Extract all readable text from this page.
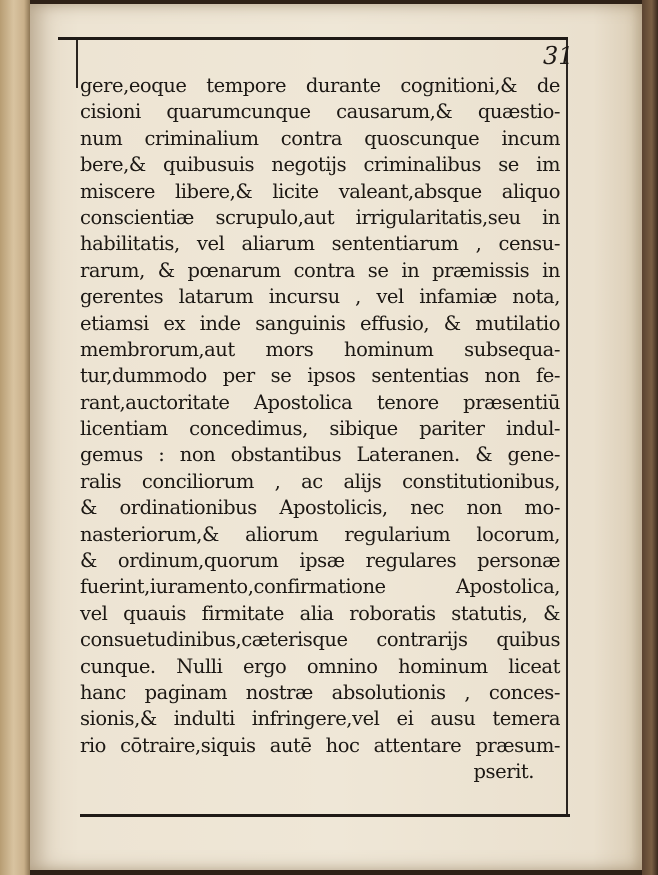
31
gere,eoque tempore durante cognitioni,& de
cisioni quarumcunque causarum,& quæstio-
num criminalium contra quoscunque incum
bere,& quibusuis negotijs criminalibus se im
miscere libere,& licite valeant,absque aliquo
conscientiæ scrupulo,aut irrigularitatis,seu in
habilitatis, vel aliarum sententiarum , censu-
rarum, & pœnarum contra se in præmissis in
gerentes latarum incursu , vel infamiæ nota,
etiamsi ex inde sanguinis effusio, & mutilatio
membrorum,aut mors hominum subsequa-
tur,dummodo per se ipsos sententias non fe-
rant,auctoritate Apostolica tenore præsentiū
licentiam concedimus, sibique pariter indul-
gemus : non obstantibus Lateranen. & gene-
ralis conciliorum , ac alijs constitutionibus,
& ordinationibus Apostolicis, nec non mo-
nasteriorum,& aliorum regularium locorum,
& ordinum,quorum ipsæ regulares personæ
fuerint,iuramento,confirmatione Apostolica,
vel quauis firmitate alia roboratis statutis, &
consuetudinibus,cæterisque contrarijs quibus
cunque. Nulli ergo omnino hominum liceat
hanc paginam nostræ absolutionis , conces-
sionis,& indulti infringere,vel ei ausu temera
rio cōtraire,siquis autē hoc attentare præsum-
pserit.
